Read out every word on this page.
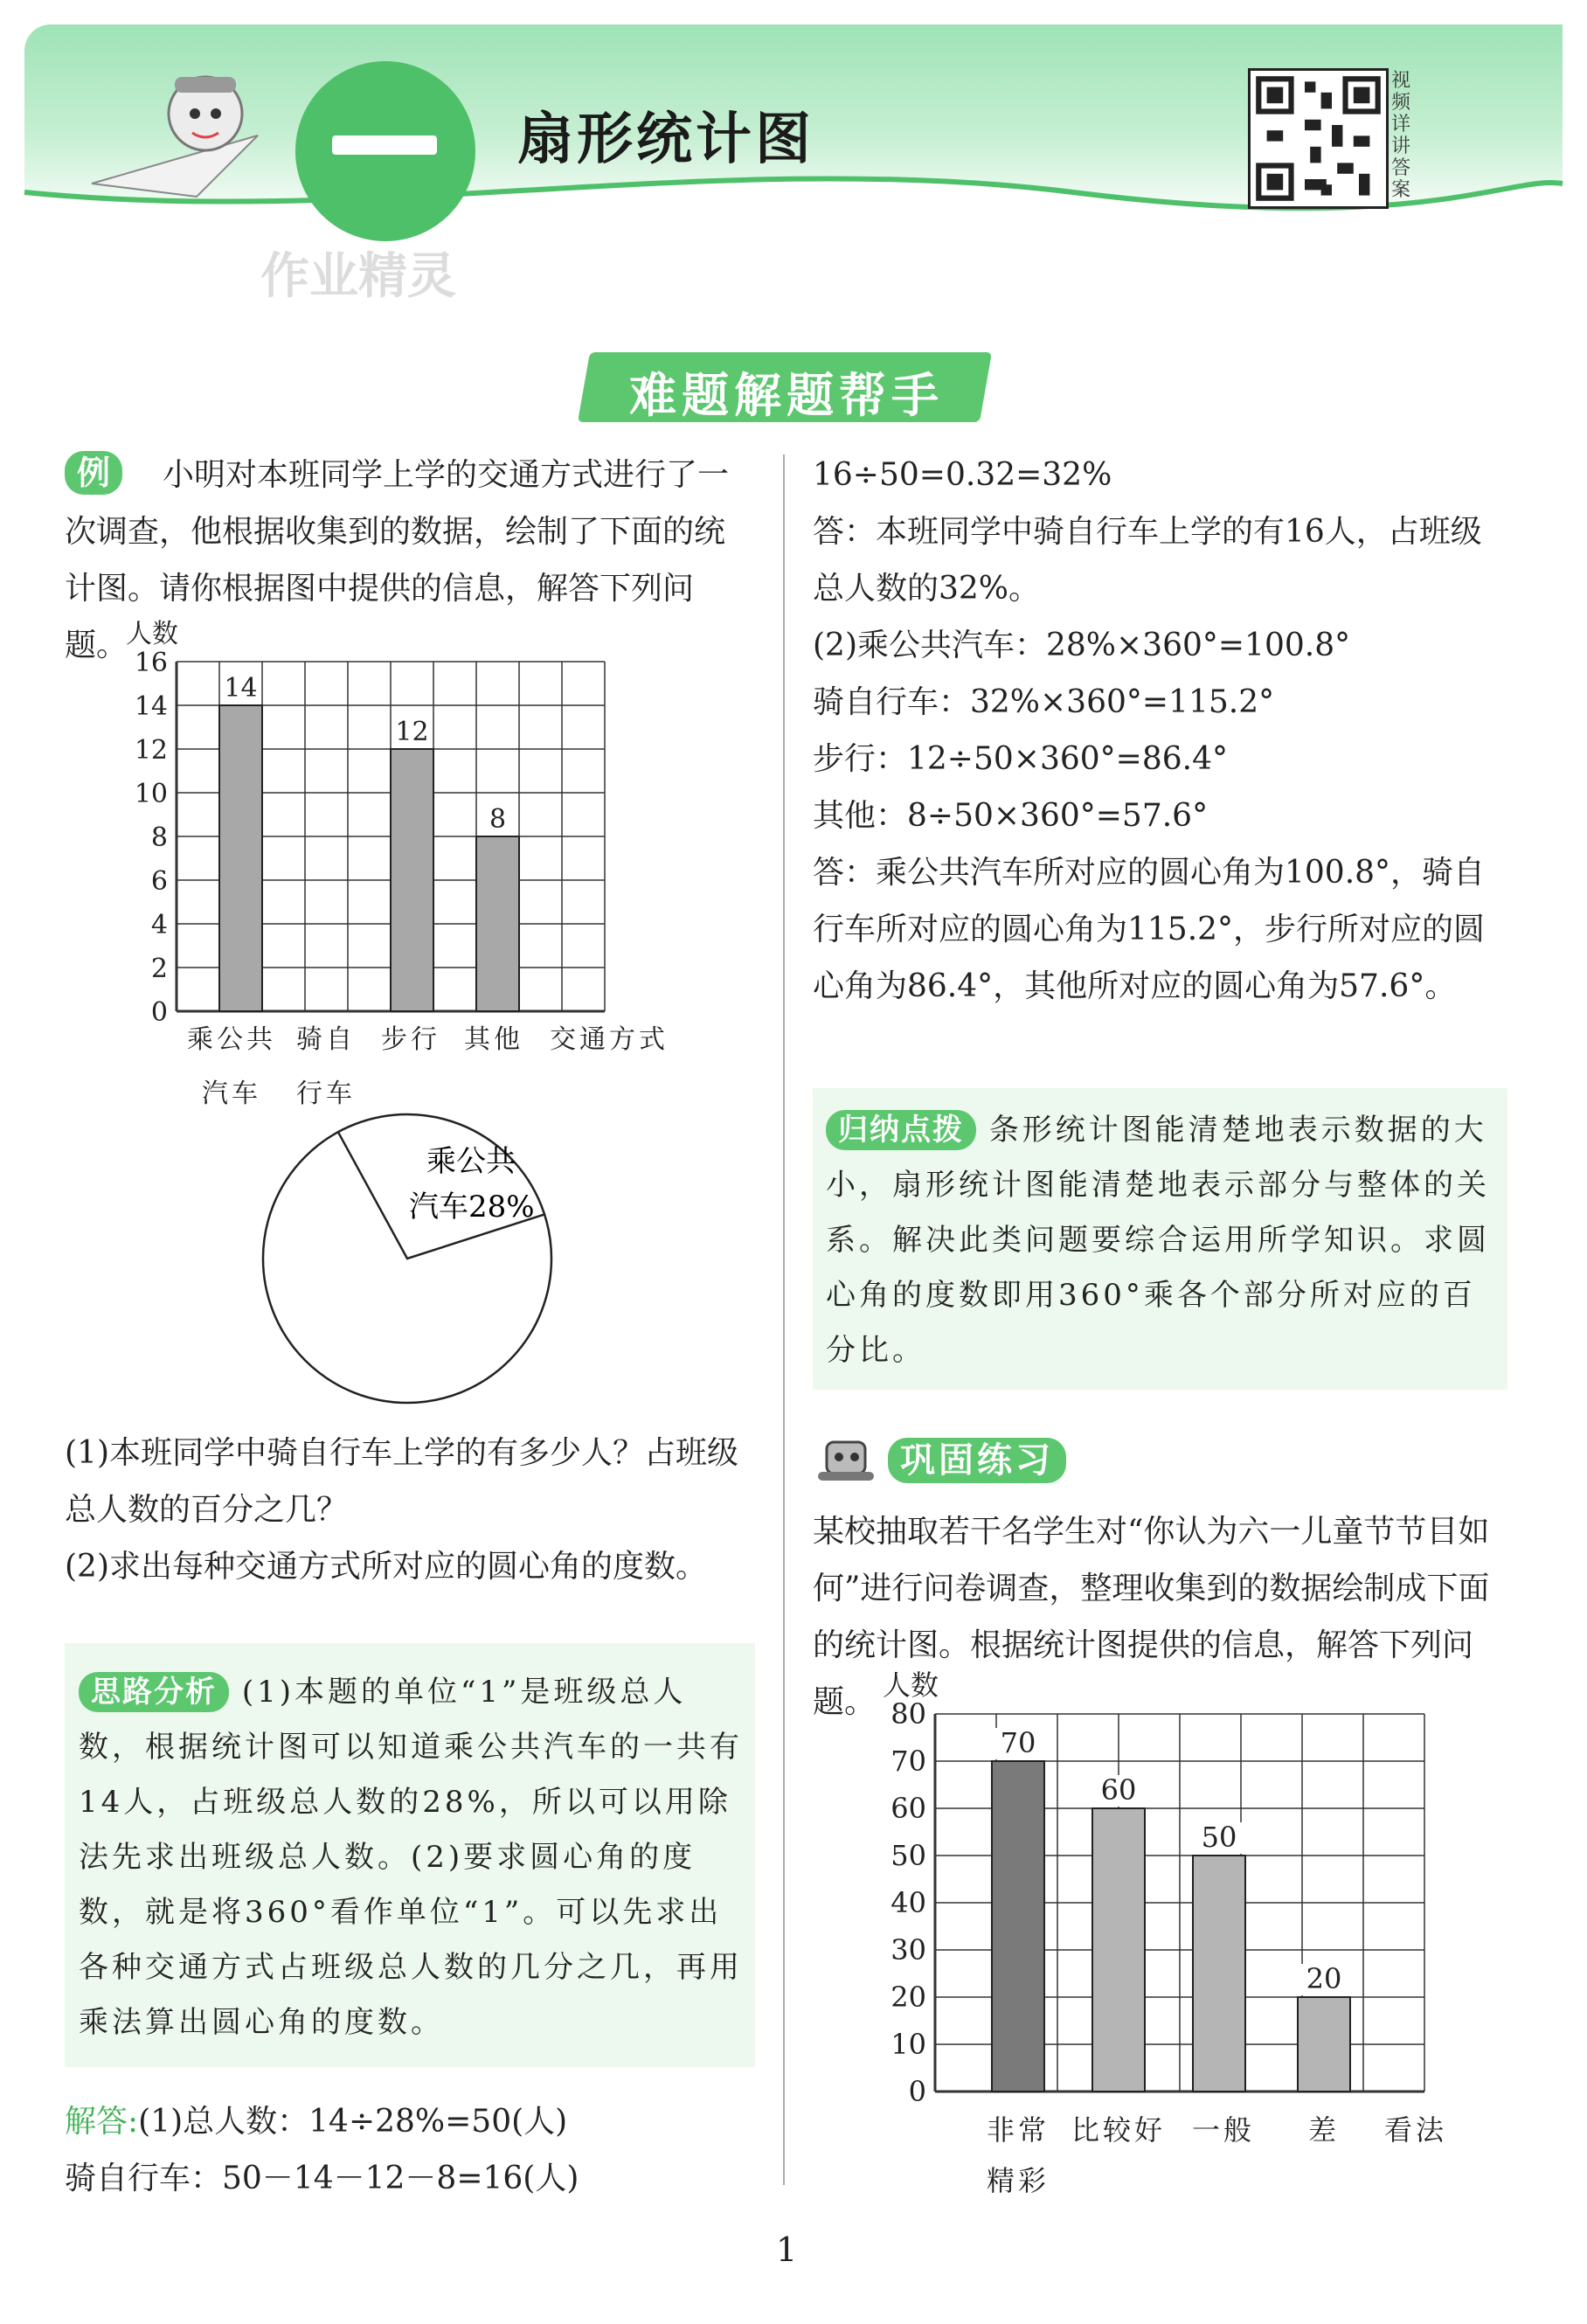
扇形统计图
作业精灵
视频详讲答案
难题解题帮手
小明对本班同学上学的交通方式进行了一次调查，他根据收集到的数据，绘制了下面的统计图。请你根据图中提供的信息，解答下列问题。
例
0
2
4
6
8
10
12
14
16
人数
14
乘公共
汽车
骑自
行车
12
步行
8
其他 交通方式
乘公共
汽车28%
(1)本班同学中骑自行车上学的有多少人？占班级总人数的百分之几？
(2)求出每种交通方式所对应的圆心角的度数。
思路分析 (1)本题的单位“1”是班级总人数，根据统计图可以知道乘公共汽车的一共有14人，占班级总人数的28%，所以可以用除法先求出班级总人数。(2)要求圆心角的度数，就是将360°看作单位“1”。可以先求出各种交通方式占班级总人数的几分之几，再用乘法算出圆心角的度数。
解答:(1)总人数：14÷28%=50(人)
骑自行车：50－14－12－8=16(人)
16÷50=0.32=32%
答：本班同学中骑自行车上学的有16人，占班级总人数的32%。
(2)乘公共汽车：28%×360°=100.8°
骑自行车：32%×360°=115.2°
步行：12÷50×360°=86.4°
其他：8÷50×360°=57.6°
答：乘公共汽车所对应的圆心角为100.8°，骑自行车所对应的圆心角为115.2°，步行所对应的圆心角为86.4°，其他所对应的圆心角为57.6°。
归纳点拨 条形统计图能清楚地表示数据的大小，扇形统计图能清楚地表示部分与整体的关系。解决此类问题要综合运用所学知识。求圆心角的度数即用360°乘各个部分所对应的百分比。
巩固练习
某校抽取若干名学生对“你认为六一儿童节节目如何”进行问卷调查，整理收集到的数据绘制成下面的统计图。根据统计图提供的信息，解答下列问题。
0
10
20
30
40
50
60
70
80
人数
70
非常
精彩
60
比较好
50
一般
20
差 看法
1
